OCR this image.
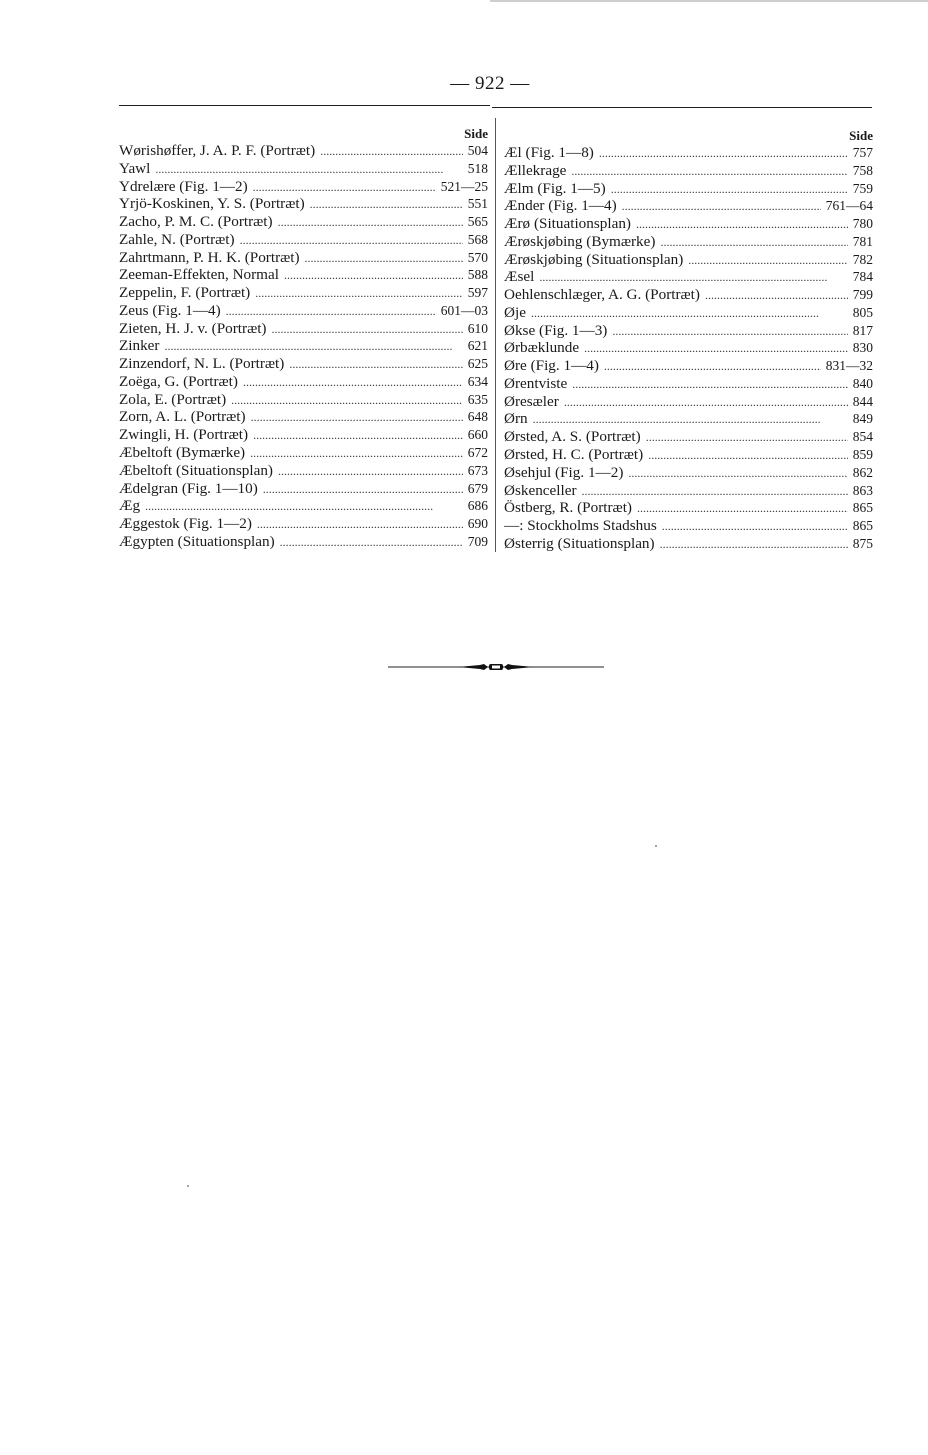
— 922 —
Side
Wørishøffer, J. A. P. F. (Portræt) . . .	504
Yawl . . .	518
Ydrelære (Fig. 1—2) . . .	521—25
Yrjö-Koskinen, Y. S. (Portræt) . . .	551
Zacho, P. M. C. (Portræt) . . .	565
Zahle, N. (Portræt) . . .	568
Zahrtmann, P. H. K. (Portræt) . . .	570
Zeeman-Effekten, Normal . . .	588
Zeppelin, F. (Portræt) . . .	597
Zeus (Fig. 1—4) . . .	601—03
Zieten, H. J. v. (Portræt) . . .	610
Zinker . . .	621
Zinzendorf, N. L. (Portræt) . . .	625
Zoëga, G. (Portræt) . . .	634
Zola, E. (Portræt) . . .	635
Zorn, A. L. (Portræt) . . .	648
Zwingli, H. (Portræt) . . .	660
Æbeltoft (Bymærke) . . .	672
Æbeltoft (Situationsplan) . . .	673
Ædelgran (Fig. 1—10) . . .	679
Æg . . .	686
Æggestok (Fig. 1—2) . . .	690
Ægypten (Situationsplan) . . .	709
Side
Æl (Fig. 1—8) . . .	757
Ællekrage . . .	758
Ælm (Fig. 1—5) . . .	759
Ænder (Fig. 1—4) . . .	761—64
Ærø (Situationsplan) . . .	780
Ærøskjøbing (Bymærke) . . .	781
Ærøskjøbing (Situationsplan) . . .	782
Æsel . . .	784
Oehlenschlæger, A. G. (Portræt) . . .	799
Øje . . .	805
Økse (Fig. 1—3) . . .	817
Ørbæklunde . . .	830
Øre (Fig. 1—4) . . .	831—32
Ørentviste . . .	840
Øresæler . . .	844
Ørn . . .	849
Ørsted, A. S. (Portræt) . . .	854
Ørsted, H. C. (Portræt) . . .	859
Øsehjul (Fig. 1—2) . . .	862
Øskenceller . . .	863
Östberg, R. (Portræt) . . .	865
—: Stockholms Stadshus . . .	865
Østerrig (Situationsplan) . . .	875
